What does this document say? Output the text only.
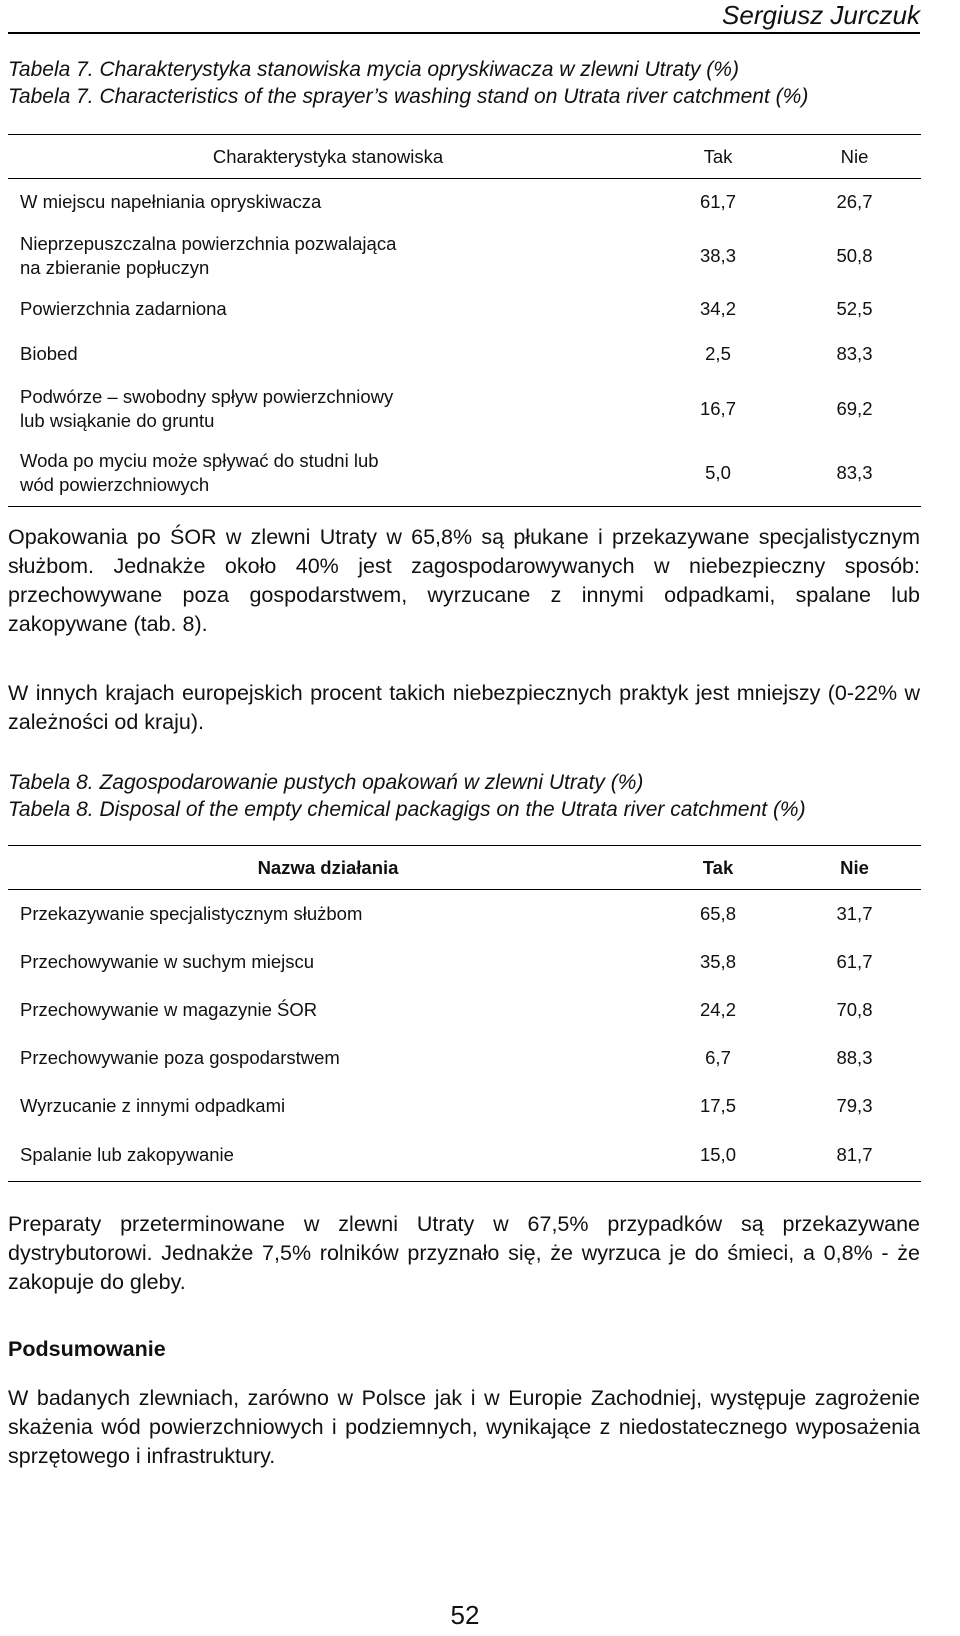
Sergiusz Jurczuk
Tabela 7. Charakterystyka stanowiska mycia opryskiwacza w zlewni Utraty (%)
Tabela 7. Characteristics of the sprayer’s washing stand on Utrata river catchment (%)
Charakterystyka stanowiska	Tak	Nie
W miejscu napełniania opryskiwacza	61,7	26,7
Nieprzepuszczalna powierzchnia pozwalająca na zbieranie popłuczyn	38,3	50,8
Powierzchnia zadarniona	34,2	52,5
Biobed	2,5	83,3
Podwórze – swobodny spływ powierzchniowy lub wsiąkanie do gruntu	16,7	69,2
Woda po myciu może spływać do studni lub wód powierzchniowych	5,0	83,3

Opakowania po ŚOR w zlewni Utraty w 65,8% są płukane i przekazywane specjalistycznym służbom. Jednakże około 40% jest zagospodarowywanych w niebezpieczny sposób: przechowywane poza gospodarstwem, wyrzucane z innymi odpadkami, spalane lub zakopywane (tab. 8).

W innych krajach europejskich procent takich niebezpiecznych praktyk jest mniejszy (0-22% w zależności od kraju).

Tabela 8. Zagospodarowanie pustych opakowań w zlewni Utraty (%)
Tabela 8. Disposal of the empty chemical packagigs on the Utrata river catchment (%)
Nazwa działania	Tak	Nie
Przekazywanie specjalistycznym służbom	65,8	31,7
Przechowywanie w suchym miejscu	35,8	61,7
Przechowywanie w magazynie ŚOR	24,2	70,8
Przechowywanie poza gospodarstwem	6,7	88,3
Wyrzucanie z innymi odpadkami	17,5	79,3
Spalanie lub zakopywanie	15,0	81,7

Preparaty przeterminowane w zlewni Utraty w 67,5% przypadków są przekazywane dystrybutorowi. Jednakże 7,5% rolników przyznało się, że wyrzuca je do śmieci, a 0,8% - że zakopuje do gleby.

Podsumowanie

W badanych zlewniach, zarówno w Polsce jak i w Europie Zachodniej, występuje zagrożenie skażenia wód powierzchniowych i podziemnych, wynikające z niedostatecznego wyposażenia sprzętowego i infrastruktury.

52
